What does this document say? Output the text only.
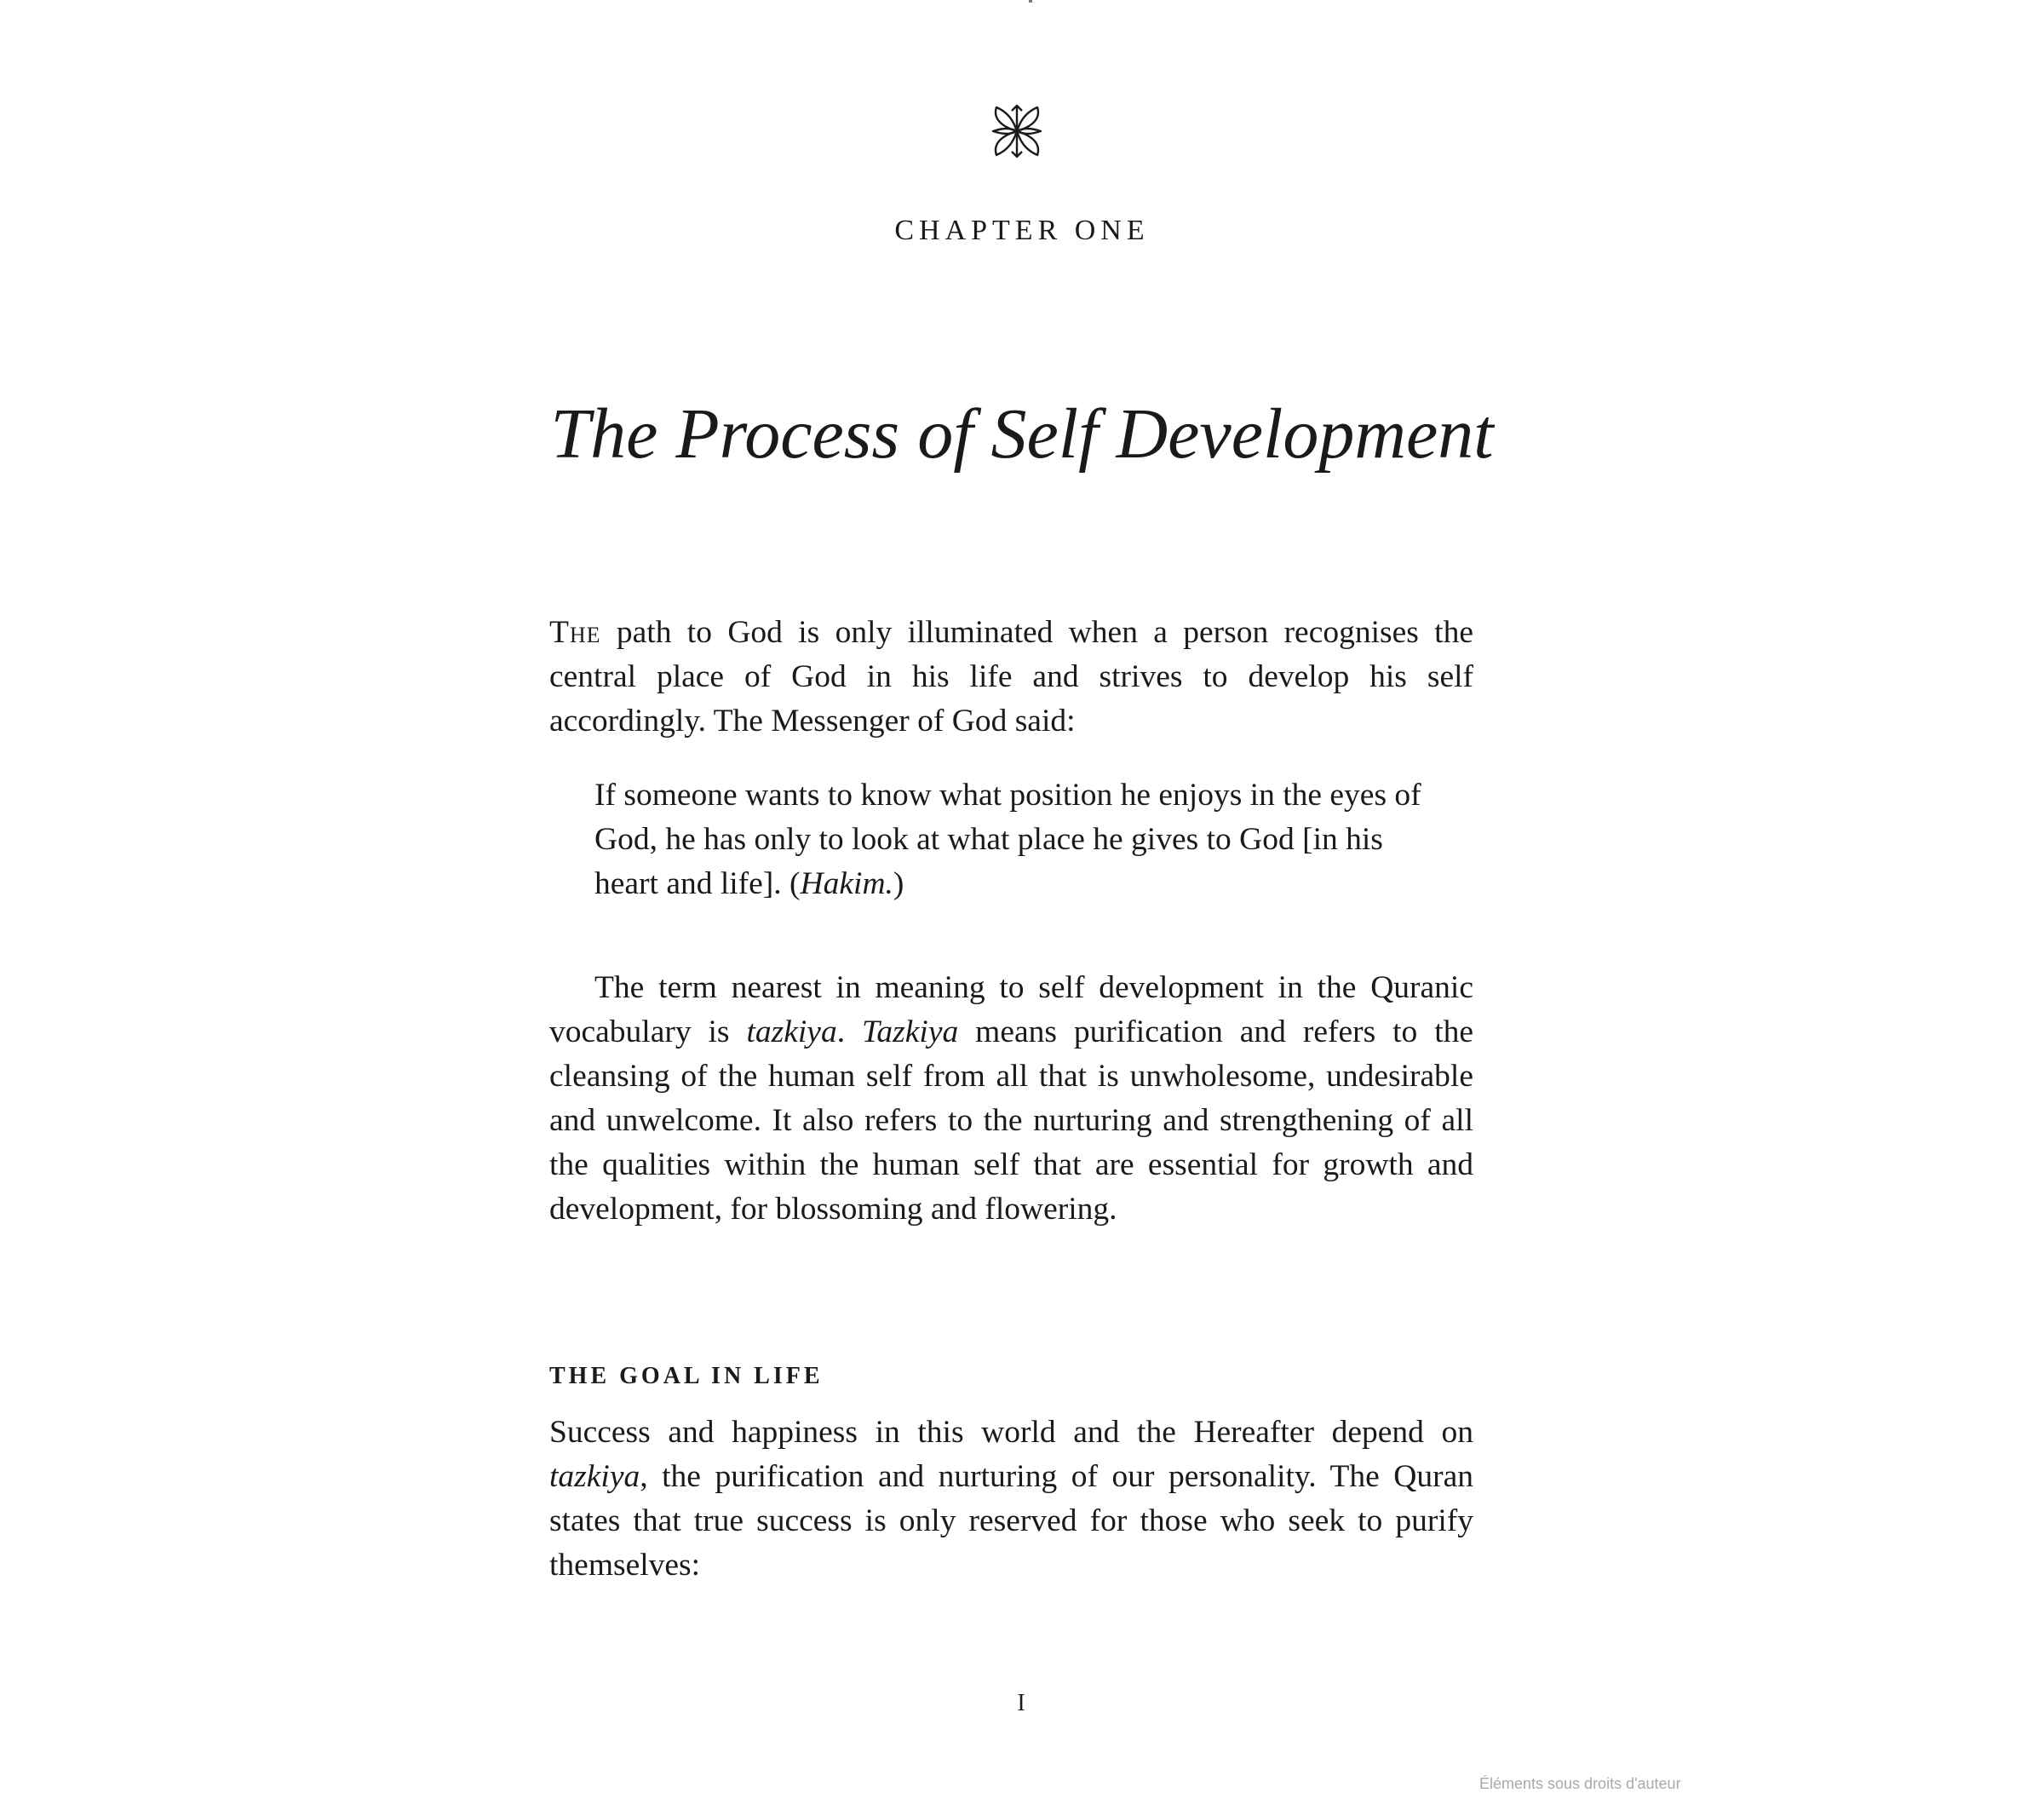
CHAPTER ONE
The Process of Self Development

The path to God is only illuminated when a person recognises the central place of God in his life and strives to develop his self accordingly. The Messenger of God said:

If someone wants to know what position he enjoys in the eyes of God, he has only to look at what place he gives to God [in his heart and life]. (Hakim.)

The term nearest in meaning to self development in the Quranic vocabulary is tazkiya. Tazkiya means purification and refers to the cleansing of the human self from all that is unwholesome, undesirable and unwelcome. It also refers to the nurturing and strengthening of all the qualities within the human self that are essential for growth and development, for blossoming and flowering.

THE GOAL IN LIFE

Success and happiness in this world and the Hereafter depend on tazkiya, the purification and nurturing of our personality. The Quran states that true success is only reserved for those who seek to purify themselves:

I
Éléments sous droits d'auteur
